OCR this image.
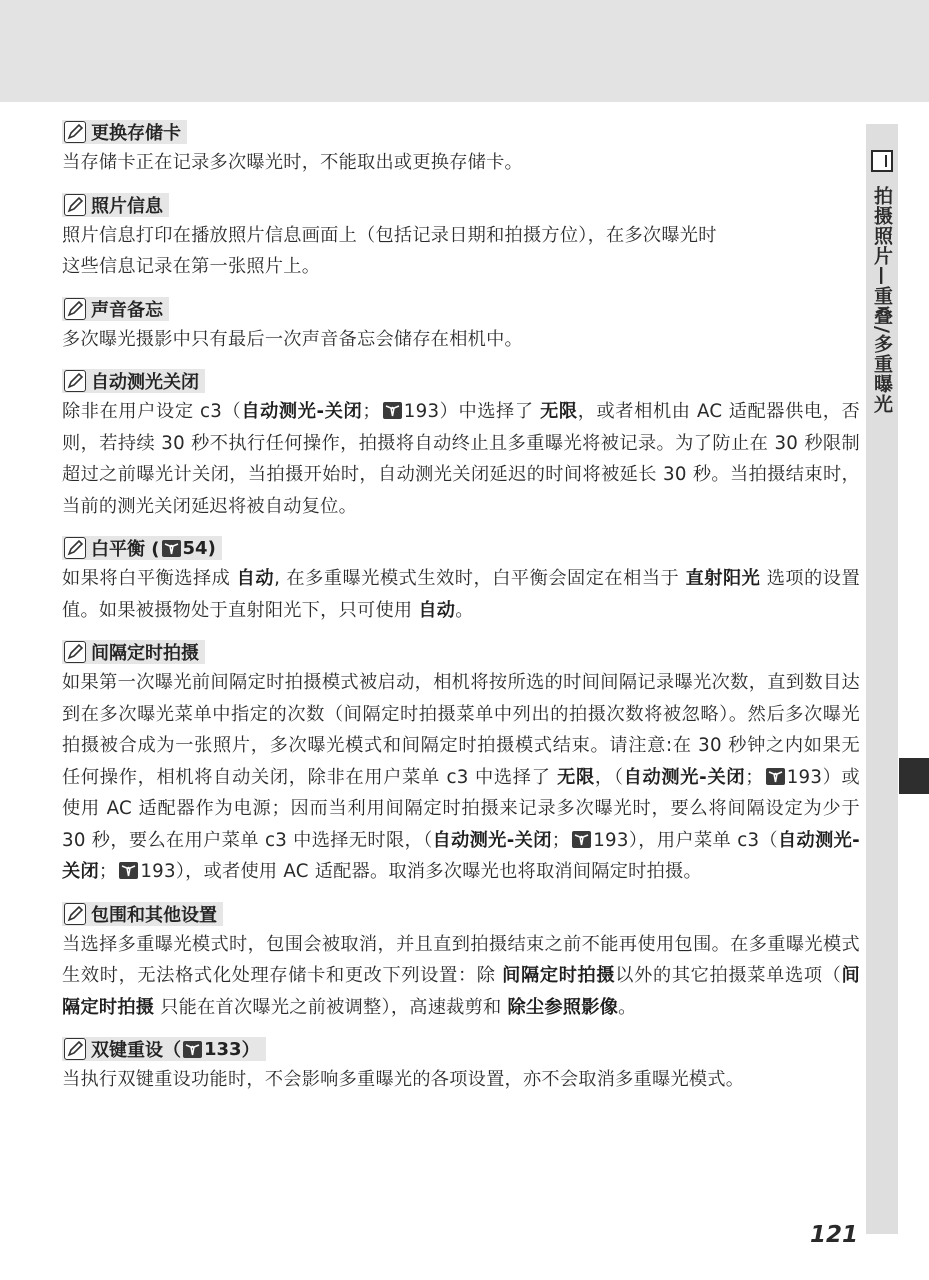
更换存储卡
当存储卡正在记录多次曝光时，不能取出或更换存储卡。
照片信息
照片信息打印在播放照片信息画面上（包括记录日期和拍摄方位），在多次曝光时
这些信息记录在第一张照片上。
声音备忘
多次曝光摄影中只有最后一次声音备忘会储存在相机中。
自动测光关闭
除非在用户设定 c3（自动测光-关闭； 193）中选择了 无限，或者相机由 AC 适配器供电，否则，若持续 30 秒不执行任何操作，拍摄将自动终止且多重曝光将被记录。为了防止在 30 秒限制超过之前曝光计关闭，当拍摄开始时，自动测光关闭延迟的时间将被延长 30 秒。当拍摄结束时，当前的测光关闭延迟将被自动复位。
白平衡 ( 54 )
如果将白平衡选择成 自动, 在多重曝光模式生效时，白平衡会固定在相当于 直射阳光 选项的设置值。如果被摄物处于直射阳光下，只可使用 自动。
间隔定时拍摄
如果第一次曝光前间隔定时拍摄模式被启动，相机将按所选的时间间隔记录曝光次数，直到数目达到在多次曝光菜单中指定的次数（间隔定时拍摄菜单中列出的拍摄次数将被忽略）。然后多次曝光拍摄被合成为一张照片，多次曝光模式和间隔定时拍摄模式结束。请注意:在 30 秒钟之内如果无任何操作，相机将自动关闭，除非在用户菜单 c3 中选择了 无限，（自动测光-关闭； 193）或使用 AC 适配器作为电源；因而当利用间隔定时拍摄来记录多次曝光时，要么将间隔设定为少于 30 秒，要么在用户菜单 c3 中选择无时限，（自动测光-关闭； 193），用户菜单 c3（自动测光-关闭； 193），或者使用 AC 适配器。取消多次曝光也将取消间隔定时拍摄。
包围和其他设置
当选择多重曝光模式时，包围会被取消，并且直到拍摄结束之前不能再使用包围。在多重曝光模式生效时，无法格式化处理存储卡和更改下列设置：除 间隔定时拍摄以外的其它拍摄菜单选项（间隔定时拍摄 只能在首次曝光之前被调整），高速裁剪和 除尘参照影像。
双键重设（ 133 ）
当执行双键重设功能时，不会影响多重曝光的各项设置，亦不会取消多重曝光模式。
拍摄照片—重叠/多重曝光
121
